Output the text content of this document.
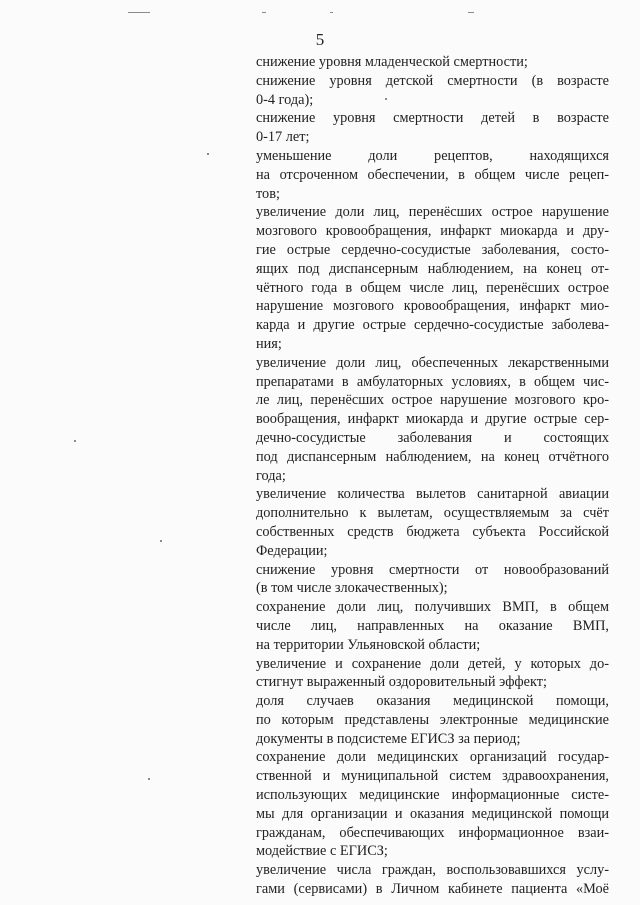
5
снижение уровня младенческой смертности;
снижение уровня детской смертности (в возрасте
0-4 года);
снижение уровня смертности детей в возрасте
0-17 лет;
уменьшение доли рецептов, находящихся
на отсроченном обеспечении, в общем числе рецеп-
тов;
увеличение доли лиц, перенёсших острое нарушение
мозгового кровообращения, инфаркт миокарда и дру-
гие острые сердечно-сосудистые заболевания, состо-
ящих под диспансерным наблюдением, на конец от-
чётного года в общем числе лиц, перенёсших острое
нарушение мозгового кровообращения, инфаркт мио-
карда и другие острые сердечно-сосудистые заболева-
ния;
увеличение доли лиц, обеспеченных лекарственными
препаратами в амбулаторных условиях, в общем чис-
ле лиц, перенёсших острое нарушение мозгового кро-
вообращения, инфаркт миокарда и другие острые сер-
дечно-сосудистые заболевания и состоящих
под диспансерным наблюдением, на конец отчётного
года;
увеличение количества вылетов санитарной авиации
дополнительно к вылетам, осуществляемым за счёт
собственных средств бюджета субъекта Российской
Федерации;
снижение уровня смертности от новообразований
(в том числе злокачественных);
сохранение доли лиц, получивших ВМП, в общем
числе лиц, направленных на оказание ВМП,
на территории Ульяновской области;
увеличение и сохранение доли детей, у которых до-
стигнут выраженный оздоровительный эффект;
доля случаев оказания медицинской помощи,
по которым представлены электронные медицинские
документы в подсистеме ЕГИСЗ за период;
сохранение доли медицинских организаций государ-
ственной и муниципальной систем здравоохранения,
использующих медицинские информационные систе-
мы для организации и оказания медицинской помощи
гражданам, обеспечивающих информационное взаи-
модействие с ЕГИСЗ;
увеличение числа граждан, воспользовавшихся услу-
гами (сервисами) в Личном кабинете пациента «Моё
